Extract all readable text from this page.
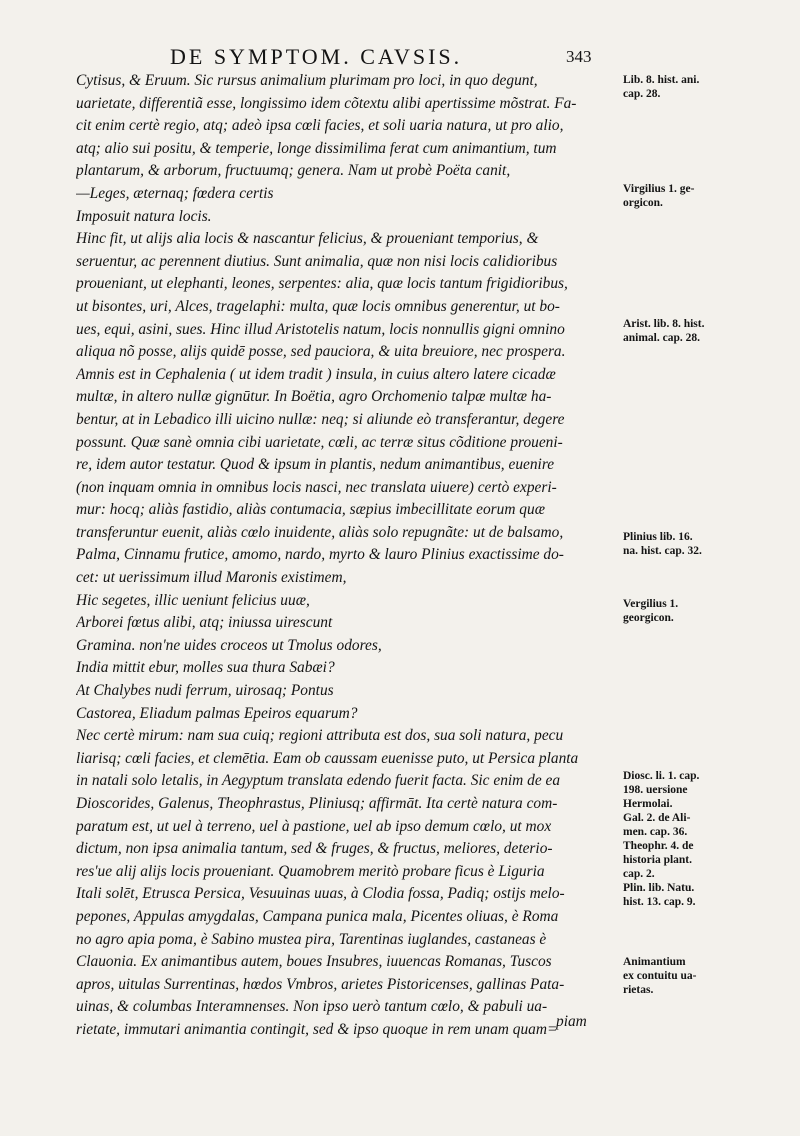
DE SYMPTOM. CAVSIS.	343
Cytisus, & Eruum. Sic rursus animalium plurimam pro loci, in quo degunt,
uarietate, differentiã esse, longissimo idem cõtextu alibi apertissime mõstrat. Fa-
cit enim certè regio, atq; adeò ipsa cœli facies, et soli uaria natura, ut pro alio,
atq; alio sui positu, & temperie, longe dissimilima ferat cum animantium, tum
plantarum, & arborum, fructuumq; genera. Nam ut probè Poëta canit,
—Leges, æternaq; fœdera certis
Imposuit natura locis.
Hinc fit, ut alijs alia locis & nascantur felicius, & proueniant temporius, &
seruentur, ac perennent diutius. Sunt animalia, quæ non nisi locis calidioribus
proueniant, ut elephanti, leones, serpentes: alia, quæ locis tantum frigidioribus,
ut bisontes, uri, Alces, tragelaphi: multa, quæ locis omnibus generentur, ut bo-
ues, equi, asini, sues. Hinc illud Aristotelis natum, locis nonnullis gigni omnino
aliqua nõ posse, alijs quidē posse, sed pauciora, & uita breuiore, nec prospera.
Amnis est in Cephalenia ( ut idem tradit ) insula, in cuius altero latere cicadæ
multæ, in altero nullæ gignūtur. In Boëtia, agro Orchomenio talpæ multæ ha-
bentur, at in Lebadico illi uicino nullæ: neq; si aliunde eò transferantur, degere
possunt. Quæ sanè omnia cibi uarietate, cœli, ac terræ situs cõditione proueni-
re, idem autor testatur. Quod & ipsum in plantis, nedum animantibus, euenire
(non inquam omnia in omnibus locis nasci, nec translata uiuere) certò experi-
mur: hocq; aliàs fastidio, aliàs contumacia, sæpius imbecillitate eorum quæ
transferuntur euenit, aliàs cœlo inuidente, aliàs solo repugnãte: ut de balsamo,
Palma, Cinnamu frutice, amomo, nardo, myrto & lauro Plinius exactissime do-
cet: ut uerissimum illud Maronis existimem,
Hic segetes, illic ueniunt felicius uuæ,
Arborei fœtus alibi, atq; iniussa uirescunt
Gramina. non'ne uides croceos ut Tmolus odores,
India mittit ebur, molles sua thura Sabæi?
At Chalybes nudi ferrum, uirosaq; Pontus
Castorea, Eliadum palmas Epeiros equarum?
Nec certè mirum: nam sua cuiq; regioni attributa est dos, sua soli natura, pecu
liarisq; cœli facies, et clemētia. Eam ob caussam euenisse puto, ut Persica planta
in natali solo letalis, in Aegyptum translata edendo fuerit facta. Sic enim de ea
Dioscorides, Galenus, Theophrastus, Pliniusq; affirmāt. Ita certè natura com-
paratum est, ut uel à terreno, uel à pastione, uel ab ipso demum cœlo, ut mox
dictum, non ipsa animalia tantum, sed & fruges, & fructus, meliores, deterio-
res'ue alij alijs locis proueniant. Quamobrem meritò probare ficus è Liguria
Itali solēt, Etrusca Persica, Vesuuinas uuas, à Clodia fossa, Padiq; ostijs melo-
pepones, Appulas amygdalas, Campana punica mala, Picentes oliuas, è Roma
no agro apia poma, è Sabino mustea pira, Tarentinas iuglandes, castaneas è
Clauonia. Ex animantibus autem, boues Insubres, iuuencas Romanas, Tuscos
apros, uitulas Surrentinas, hœdos Vmbros, arietes Pistoricenses, gallinas Pata-
uinas, & columbas Interamnenses. Non ipso uerò tantum cœlo, & pabuli ua-
rietate, immutari animantia contingit, sed & ipso quoque in rem unam quam=
piam
Lib. 8. hist. ani.
cap. 28.
Virgilius 1. ge-
orgicon.
Arist. lib. 8. hist.
animal. cap. 28.
Plinius lib. 16.
na. hist. cap. 32.
Vergilius 1.
georgicon.
Diosc. li. 1. cap.
198. uersione
Hermolai.
Gal. 2. de Ali-
men. cap. 36.
Theophr. 4. de
historia plant.
cap. 2.
Plin. lib. Natu.
hist. 13. cap. 9.
Animantium
ex contuitu ua-
rietas.
